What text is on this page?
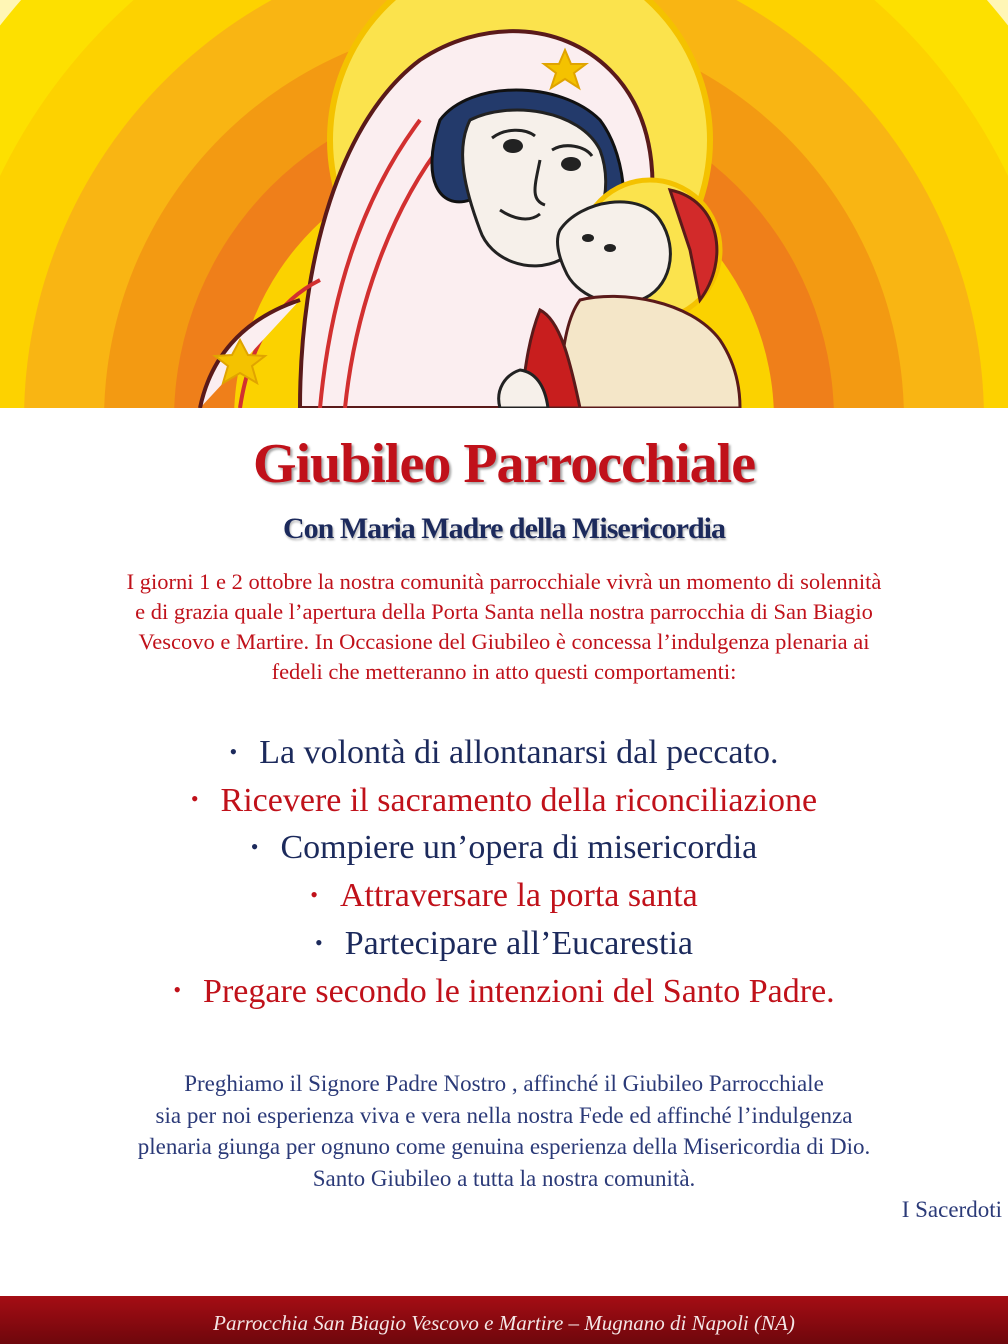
Giubileo Parrocchiale
Con Maria Madre della Misericordia

I giorni 1 e 2 ottobre la nostra comunità parrocchiale vivrà un momento di solennità
e di grazia quale l’apertura della Porta Santa nella nostra parrocchia di San Biagio
Vescovo e Martire. In Occasione del Giubileo è concessa l’indulgenza plenaria ai
fedeli che metteranno in atto questi comportamenti:

• La volontà di allontanarsi dal peccato.
• Ricevere il sacramento della riconciliazione
• Compiere un’opera di misericordia
• Attraversare la porta santa
• Partecipare all’Eucarestia
• Pregare secondo le intenzioni del Santo Padre.

Preghiamo il Signore Padre Nostro , affinché il Giubileo Parrocchiale
sia per noi esperienza viva e vera nella nostra Fede ed affinché l’indulgenza
plenaria giunga per ognuno come genuina esperienza della Misericordia di Dio.
Santo Giubileo a tutta la nostra comunità.

I Sacerdoti

Parrocchia San Biagio Vescovo e Martire – Mugnano di Napoli (NA)
